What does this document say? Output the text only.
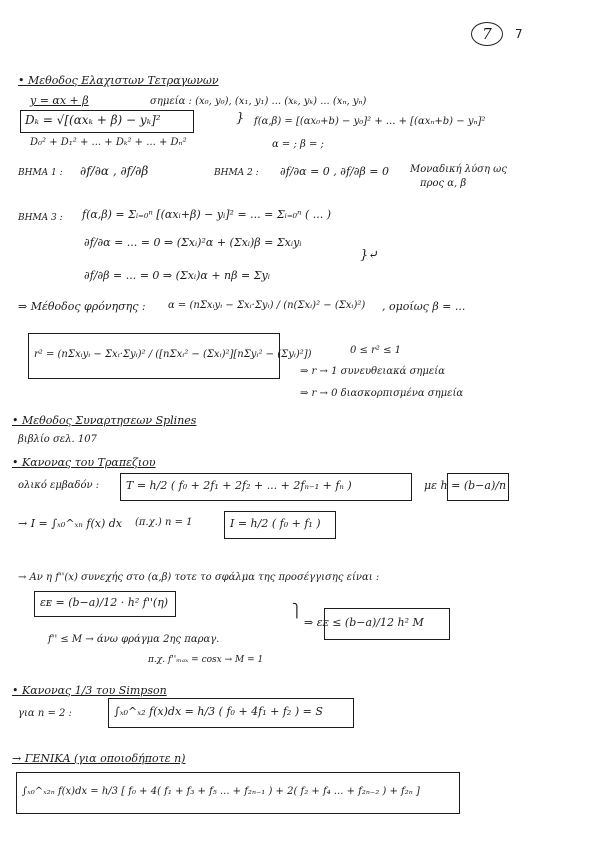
7	7
• Μεθοδος Ελαχιστων Τετραγωνων
y = αx + β	σημεία : (x₀, y₀), (x₁, y₁) ... (xₖ, yₖ) ... (xₙ, yₙ)
Dₖ = √[(αxₖ + β) − yₖ]²
D₀² + D₁² + ... + Dₖ² + ... + Dₙ²
} f(α,β) = [(αx₀+b) − y₀]² + ... + [(αxₙ+b) − yₙ]²
α = ; β = ;
ΒΗΜΑ 1 : ∂f/∂α , ∂f/∂β	ΒΗΜΑ 2 : ∂f/∂α = 0 , ∂f/∂β = 0 Μοναδική λύση ως
προς α, β
ΒΗΜΑ 3 : f(α,β) = Σᵢ₌₀ⁿ [(αxᵢ+β) − yᵢ]² = ... = Σᵢ₌₀ⁿ ( ... )
∂f/∂α = ... = 0 ⇒ (Σxᵢ)²α + (Σxᵢ)β = Σxᵢyᵢ
∂f/∂β = ... = 0 ⇒ (Σxᵢ)α + nβ = Σyᵢ
}⤶
⇒ Μέθοδος φρόνησης : α = (nΣxᵢyᵢ − Σxᵢ·Σyᵢ) / (n(Σxᵢ)² − (Σxᵢ)²) , ομοίως β = ...
r² = (nΣxᵢyᵢ − Σxᵢ·Σyᵢ)² / ([nΣxᵢ² − (Σxᵢ)²][nΣyᵢ² − (Σyᵢ)²])	0 ≤ r² ≤ 1
⇒ r → 1 συνευθειακά σημεία
⇒ r → 0 διασκορπισμένα σημεία
• Μεθοδος Συναρτησεων Splines
βιβλίο σελ. 107
• Κανονας του Τραπεζιου
ολικό εμβαδόν : T = h/2 ( f₀ + 2f₁ + 2f₂ + ... + 2fₙ₋₁ + fₙ )	με h = (b−a)/n
→ I = ∫ₓ₀^ₓₙ f(x) dx (π.χ.) n = 1	I = h/2 ( f₀ + f₁ )
→ Αν η f''(x) συνεχής στο (α,β) τοτε το σφάλμα της προσέγγισης είναι :
εᴇ = (b−a)/12 · h² f''(η)
f'' ≤ M → άνω φράγμα 2ης παραγ.
π.χ. f''ₘₐₓ = cosx → M = 1
⎫
⇒ εᴇ ≤ (b−a)/12 h² M
• Κανονας 1/3 του Simpson
για n = 2 :	∫ₓ₀^ₓ₂ f(x)dx = h/3 ( f₀ + 4f₁ + f₂ ) = S
→ ΓΕΝΙΚΑ (για οποιοδήποτε n)
∫ₓ₀^ₓ₂ₙ f(x)dx = h/3 [ f₀ + 4( f₁ + f₃ + f₅ ... + f₂ₙ₋₁ ) + 2( f₂ + f₄ ... + f₂ₙ₋₂ ) + f₂ₙ ]
